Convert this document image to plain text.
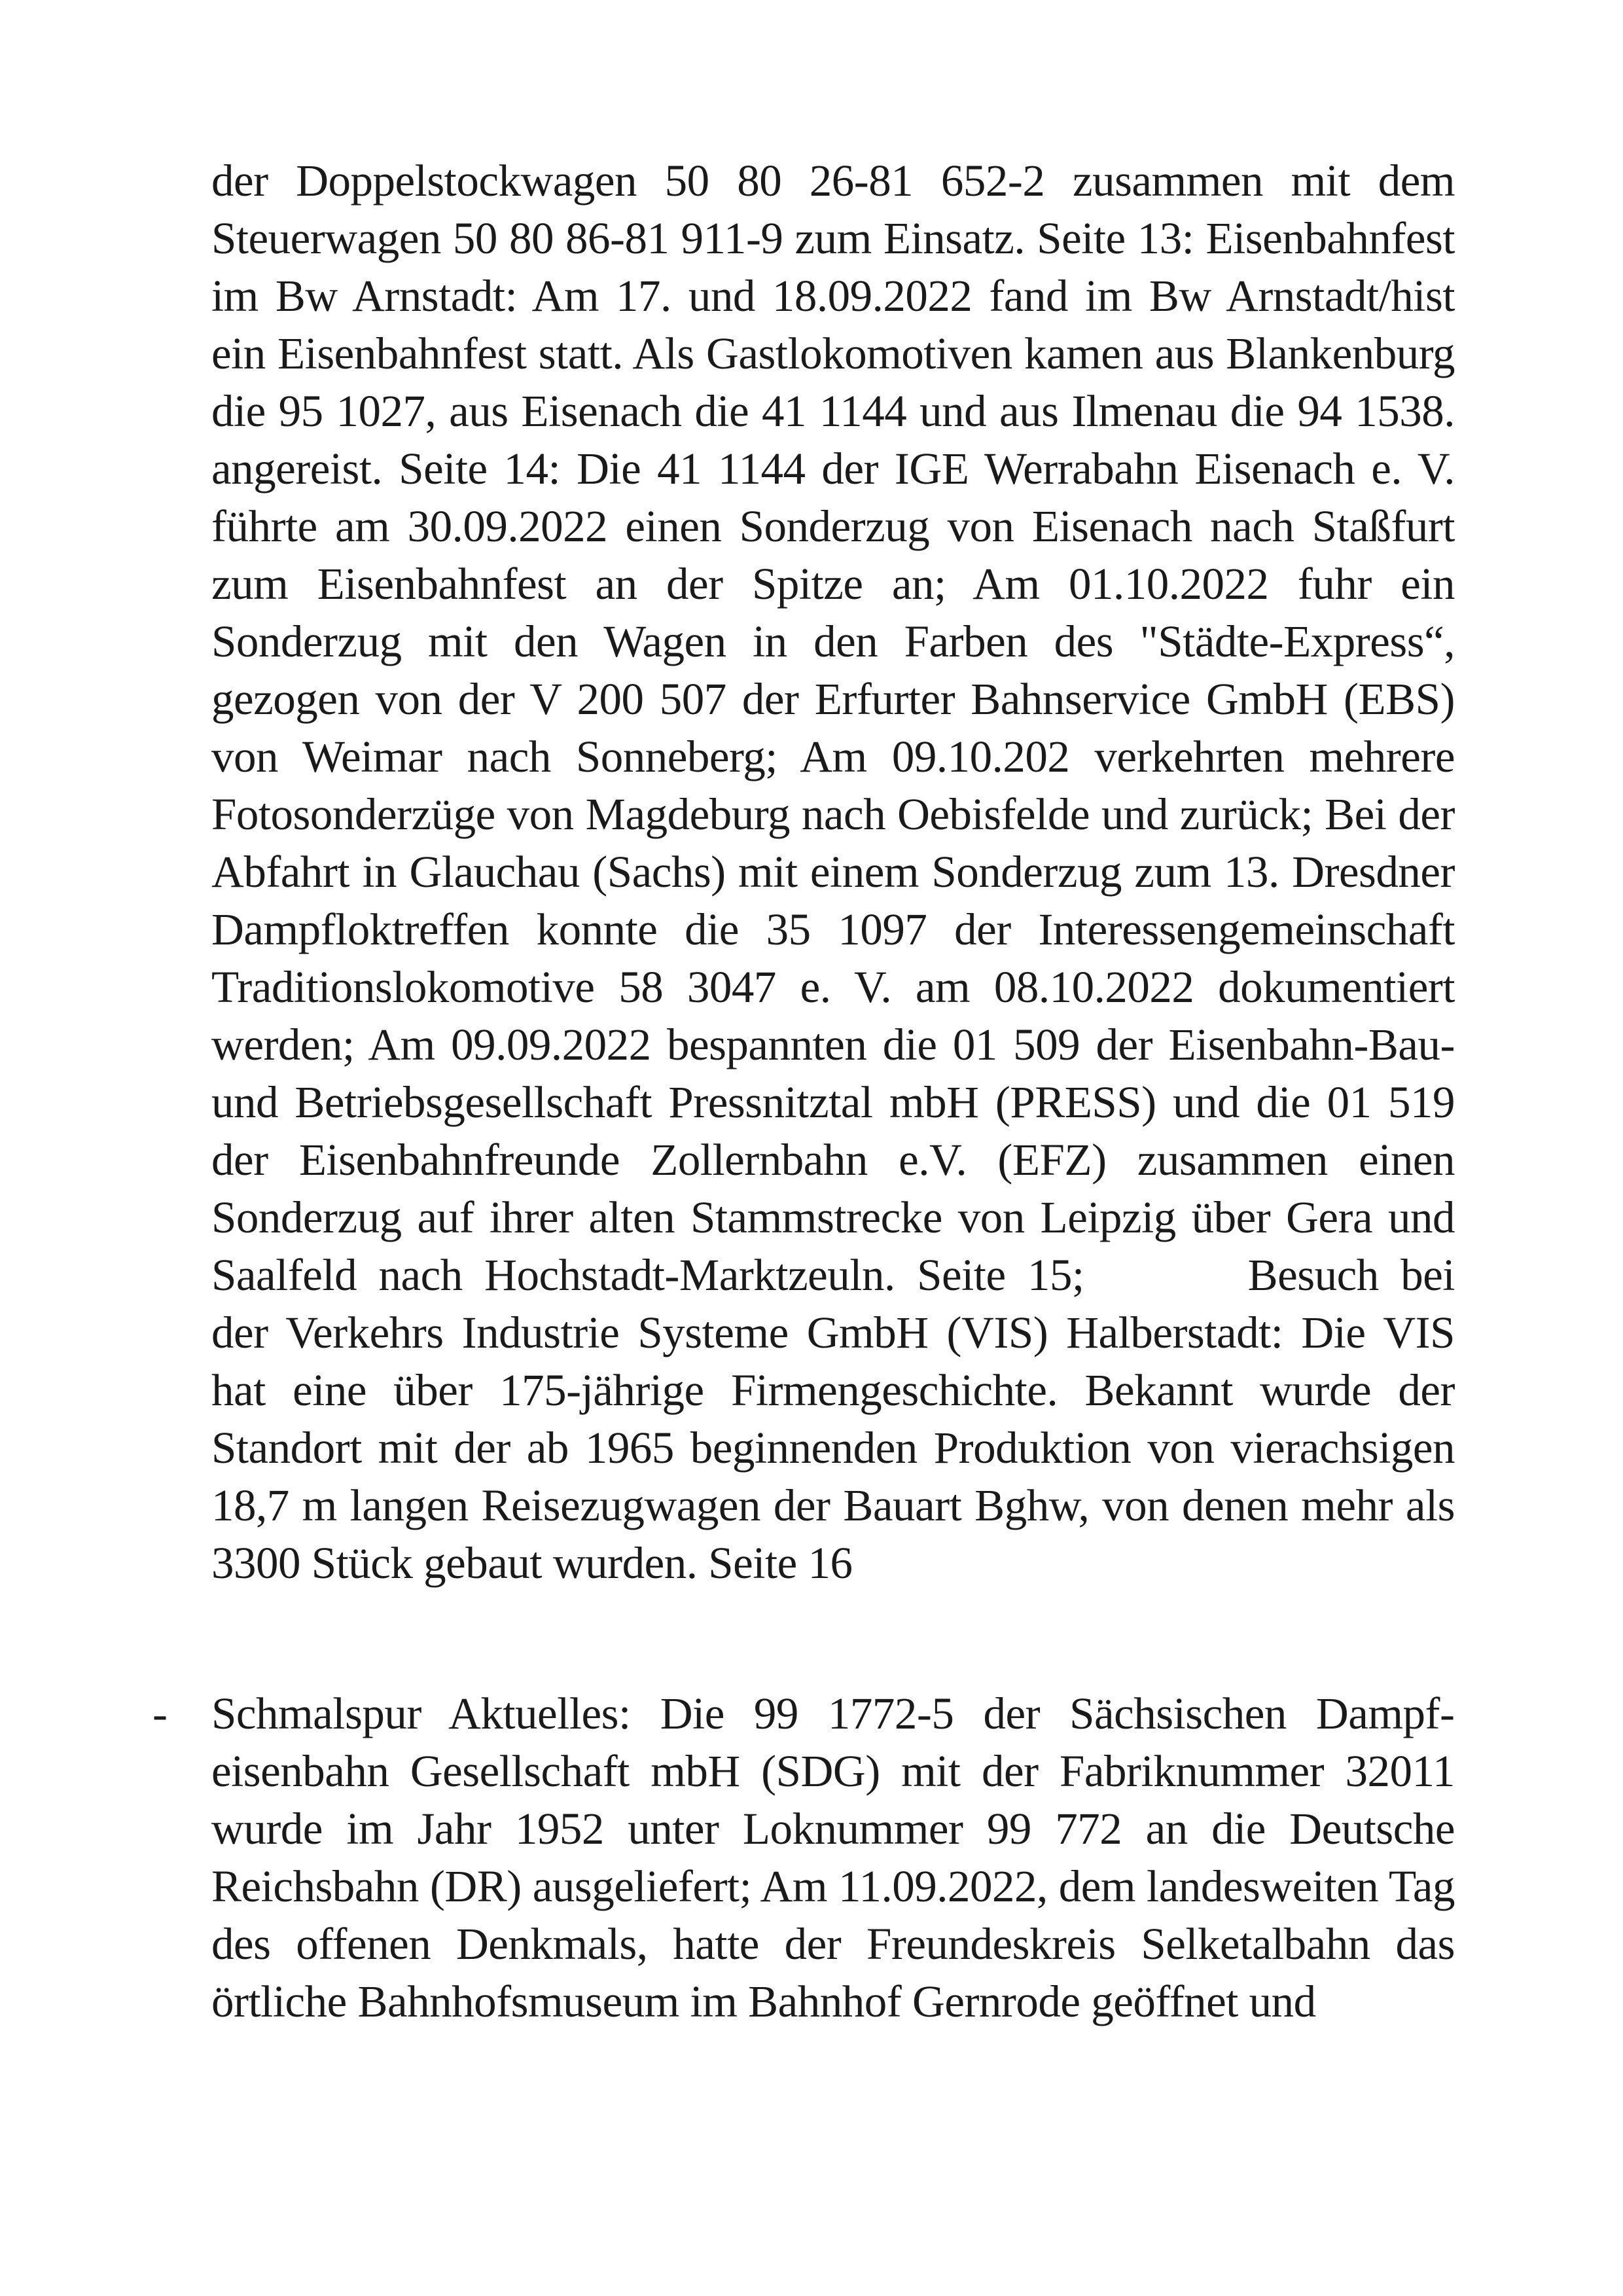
der Doppelstockwagen 50 80 26-81 652-2 zusammen mit dem Steuerwagen 50 80 86-81 911-9 zum Einsatz. Seite 13: Eisenbahnfest im Bw Arnstadt: Am 17. und 18.09.2022 fand im Bw Arnstadt/hist ein Eisenbahnfest statt. Als Gastlokomotiven kamen aus Blankenburg die 95 1027, aus Eisenach die 41 1144 und aus Ilmenau die 94 1538. angereist. Seite 14: Die 41 1144 der IGE Werrabahn Eisenach e. V. führte am 30.09.2022 einen Sonderzug von Eisenach nach Staßfurt zum Eisenbahnfest an der Spitze an; Am 01.10.2022 fuhr ein Sonderzug mit den Wagen in den Farben des "Städte-Express“, gezogen von der V 200 507 der Erfurter Bahnservice GmbH (EBS) von Weimar nach Sonneberg; Am 09.10.202 verkehrten mehrere Fotosonderzüge von Magdeburg nach Oebisfelde und zurück; Bei der Abfahrt in Glauchau (Sachs) mit einem Sonderzug zum 13. Dresdner Dampfloktreffen konnte die 35 1097 der Interessengemeinschaft Traditionslokomotive 58 3047 e. V. am 08.10.2022 dokumentiert werden; Am 09.09.2022 bespannten die 01 509 der Eisenbahn-Bau- und Betriebsgesellschaft Pressnitztal mbH (PRESS) und die 01 519 der Eisenbahnfreunde Zollernbahn e.V. (EFZ) zusammen einen Sonderzug auf ihrer alten Stammstrecke von Leipzig über Gera und Saalfeld nach Hochstadt-Marktzeuln. Seite 15;	Besuch bei der Verkehrs Industrie Systeme GmbH (VIS) Halberstadt: Die VIS hat eine über 175-jährige Firmengeschichte. Bekannt wurde der Standort mit der ab 1965 beginnenden Produktion von vierachsigen 18,7 m langen Reisezugwagen der Bauart Bghw, von denen mehr als 3300 Stück gebaut wurden. Seite 16
- Schmalspur Aktuelles: Die 99 1772-5 der Sächsischen Dampfeisenbahn Gesellschaft mbH (SDG) mit der Fabriknummer 32011 wurde im Jahr 1952 unter Loknummer 99 772 an die Deutsche Reichsbahn (DR) ausgeliefert; Am 11.09.2022, dem landesweiten Tag des offenen Denkmals, hatte der Freundeskreis Selketalbahn das örtliche Bahnhofsmuseum im Bahnhof Gernrode geöffnet und
